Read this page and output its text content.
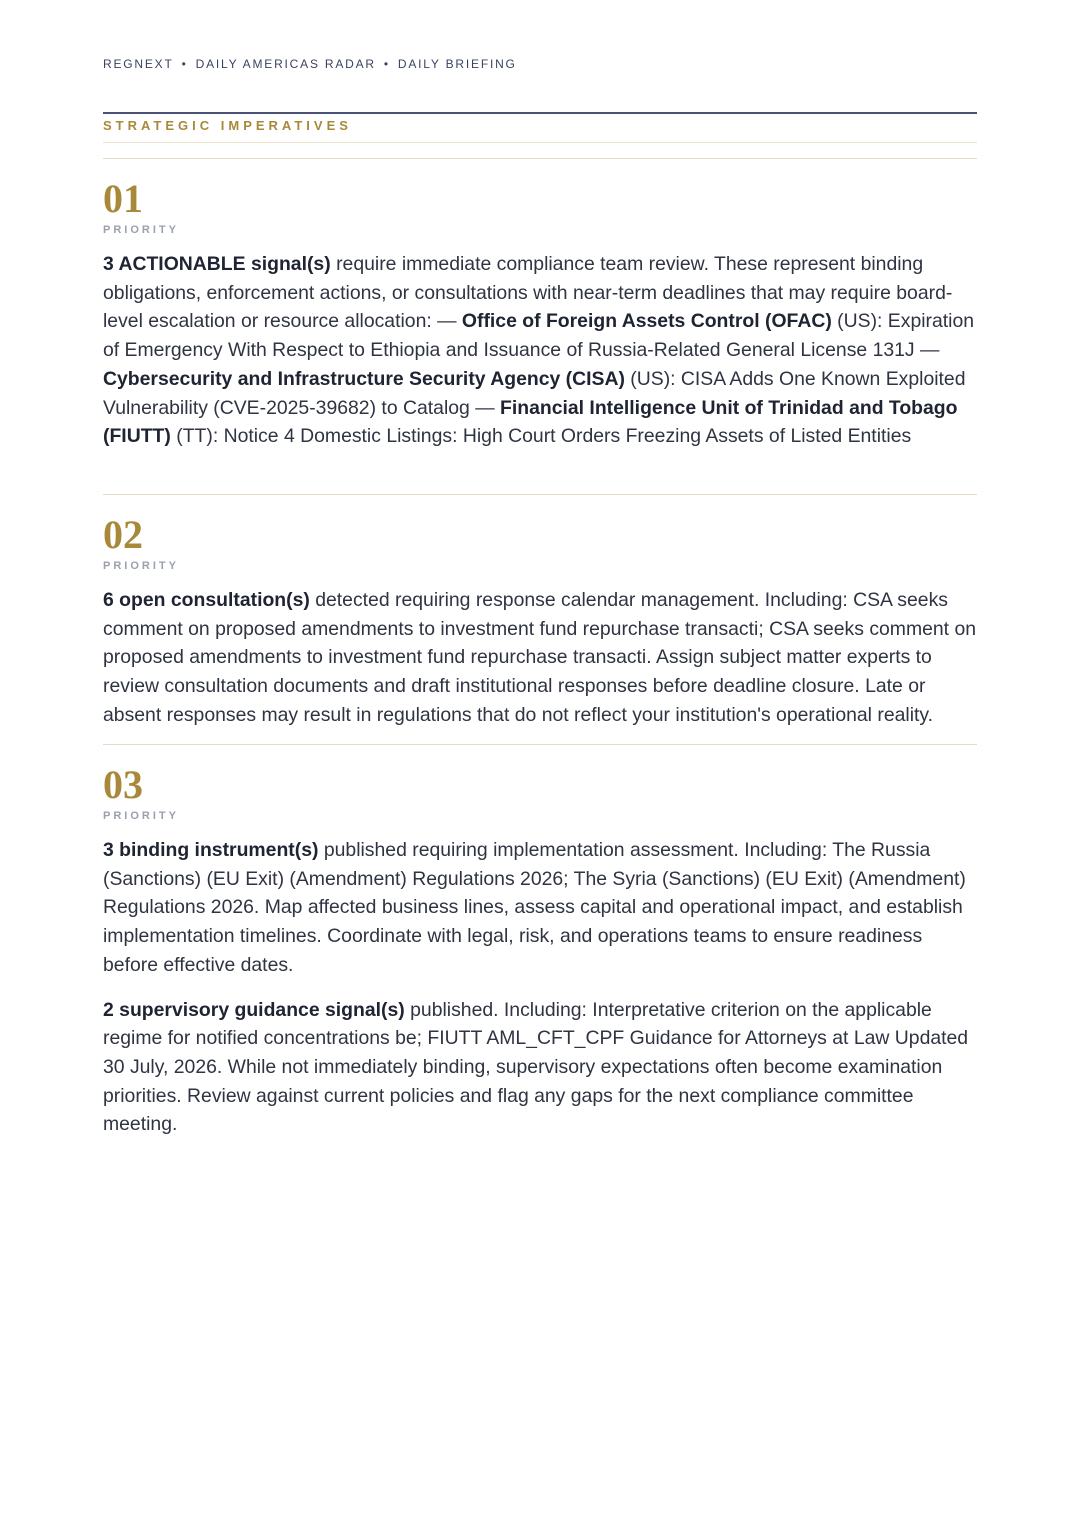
REGNEXT • DAILY AMERICAS RADAR • DAILY BRIEFING
STRATEGIC IMPERATIVES
01
PRIORITY

3 ACTIONABLE signal(s) require immediate compliance team review. These represent binding obligations, enforcement actions, or consultations with near-term deadlines that may require board-level escalation or resource allocation: — Office of Foreign Assets Control (OFAC) (US): Expiration of Emergency With Respect to Ethiopia and Issuance of Russia-Related General License 131J — Cybersecurity and Infrastructure Security Agency (CISA) (US): CISA Adds One Known Exploited Vulnerability (CVE-2025-39682) to Catalog — Financial Intelligence Unit of Trinidad and Tobago (FIUTT) (TT): Notice 4 Domestic Listings: High Court Orders Freezing Assets of Listed Entities

02
PRIORITY

6 open consultation(s) detected requiring response calendar management. Including: CSA seeks comment on proposed amendments to investment fund repurchase transacti; CSA seeks comment on proposed amendments to investment fund repurchase transacti. Assign subject matter experts to review consultation documents and draft institutional responses before deadline closure. Late or absent responses may result in regulations that do not reflect your institution's operational reality.

03
PRIORITY

3 binding instrument(s) published requiring implementation assessment. Including: The Russia (Sanctions) (EU Exit) (Amendment) Regulations 2026; The Syria (Sanctions) (EU Exit) (Amendment) Regulations 2026. Map affected business lines, assess capital and operational impact, and establish implementation timelines. Coordinate with legal, risk, and operations teams to ensure readiness before effective dates.

2 supervisory guidance signal(s) published. Including: Interpretative criterion on the applicable regime for notified concentrations be; FIUTT AML_CFT_CPF Guidance for Attorneys at Law Updated 30 July, 2026. While not immediately binding, supervisory expectations often become examination priorities. Review against current policies and flag any gaps for the next compliance committee meeting.
